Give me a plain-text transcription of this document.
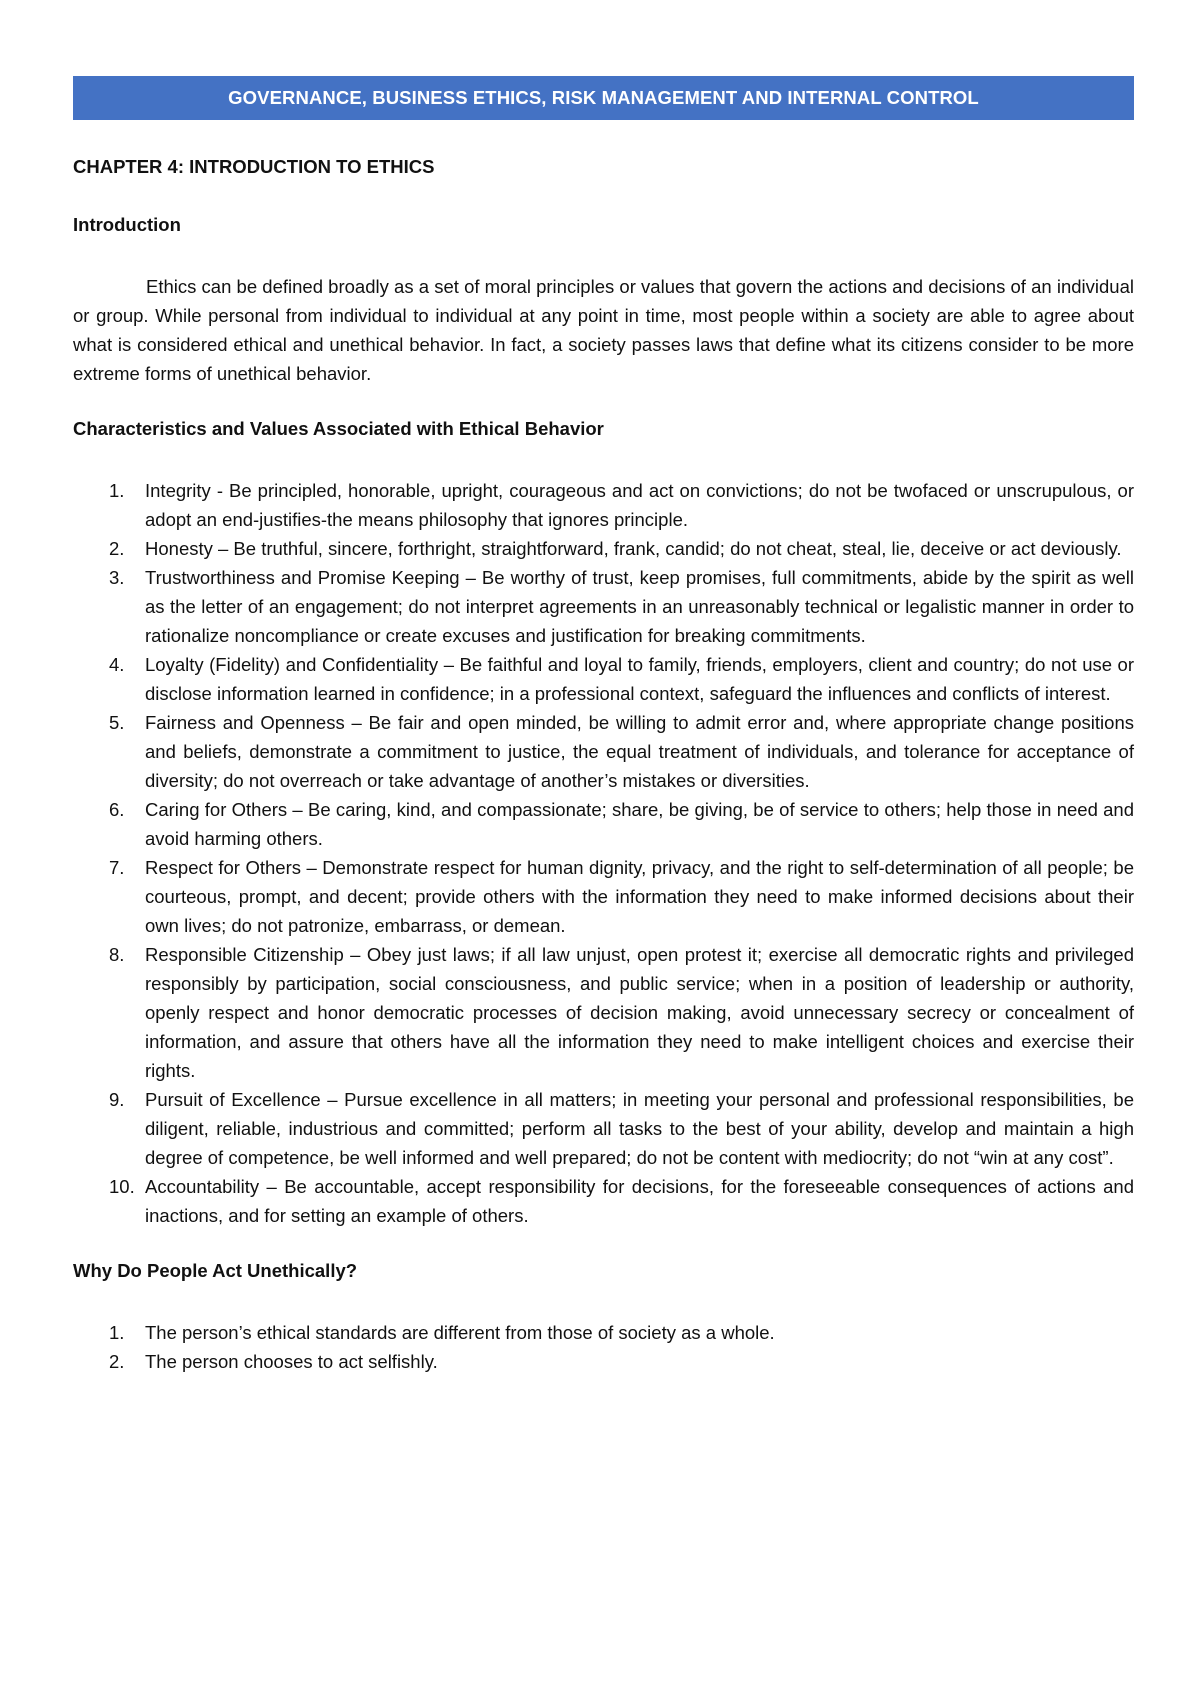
GOVERNANCE, BUSINESS ETHICS, RISK MANAGEMENT AND INTERNAL CONTROL
CHAPTER 4: INTRODUCTION TO ETHICS
Introduction

Ethics can be defined broadly as a set of moral principles or values that govern the actions and decisions of an individual or group. While personal from individual to individual at any point in time, most people within a society are able to agree about what is considered ethical and unethical behavior. In fact, a society passes laws that define what its citizens consider to be more extreme forms of unethical behavior.

Characteristics and Values Associated with Ethical Behavior
1. Integrity - Be principled, honorable, upright, courageous and act on convictions; do not be twofaced or unscrupulous, or adopt an end-justifies-the means philosophy that ignores principle.
2. Honesty – Be truthful, sincere, forthright, straightforward, frank, candid; do not cheat, steal, lie, deceive or act deviously.
3. Trustworthiness and Promise Keeping – Be worthy of trust, keep promises, full commitments, abide by the spirit as well as the letter of an engagement; do not interpret agreements in an unreasonably technical or legalistic manner in order to rationalize noncompliance or create excuses and justification for breaking commitments.
4. Loyalty (Fidelity) and Confidentiality – Be faithful and loyal to family, friends, employers, client and country; do not use or disclose information learned in confidence; in a professional context, safeguard the influences and conflicts of interest.
5. Fairness and Openness – Be fair and open minded, be willing to admit error and, where appropriate change positions and beliefs, demonstrate a commitment to justice, the equal treatment of individuals, and tolerance for acceptance of diversity; do not overreach or take advantage of another’s mistakes or diversities.
6. Caring for Others – Be caring, kind, and compassionate; share, be giving, be of service to others; help those in need and avoid harming others.
7. Respect for Others – Demonstrate respect for human dignity, privacy, and the right to self-determination of all people; be courteous, prompt, and decent; provide others with the information they need to make informed decisions about their own lives; do not patronize, embarrass, or demean.
8. Responsible Citizenship – Obey just laws; if all law unjust, open protest it; exercise all democratic rights and privileged responsibly by participation, social consciousness, and public service; when in a position of leadership or authority, openly respect and honor democratic processes of decision making, avoid unnecessary secrecy or concealment of information, and assure that others have all the information they need to make intelligent choices and exercise their rights.
9. Pursuit of Excellence – Pursue excellence in all matters; in meeting your personal and professional responsibilities, be diligent, reliable, industrious and committed; perform all tasks to the best of your ability, develop and maintain a high degree of competence, be well informed and well prepared; do not be content with mediocrity; do not “win at any cost”.
10. Accountability – Be accountable, accept responsibility for decisions, for the foreseeable consequences of actions and inactions, and for setting an example of others.
Why Do People Act Unethically?
1. The person’s ethical standards are different from those of society as a whole.
2. The person chooses to act selfishly.
